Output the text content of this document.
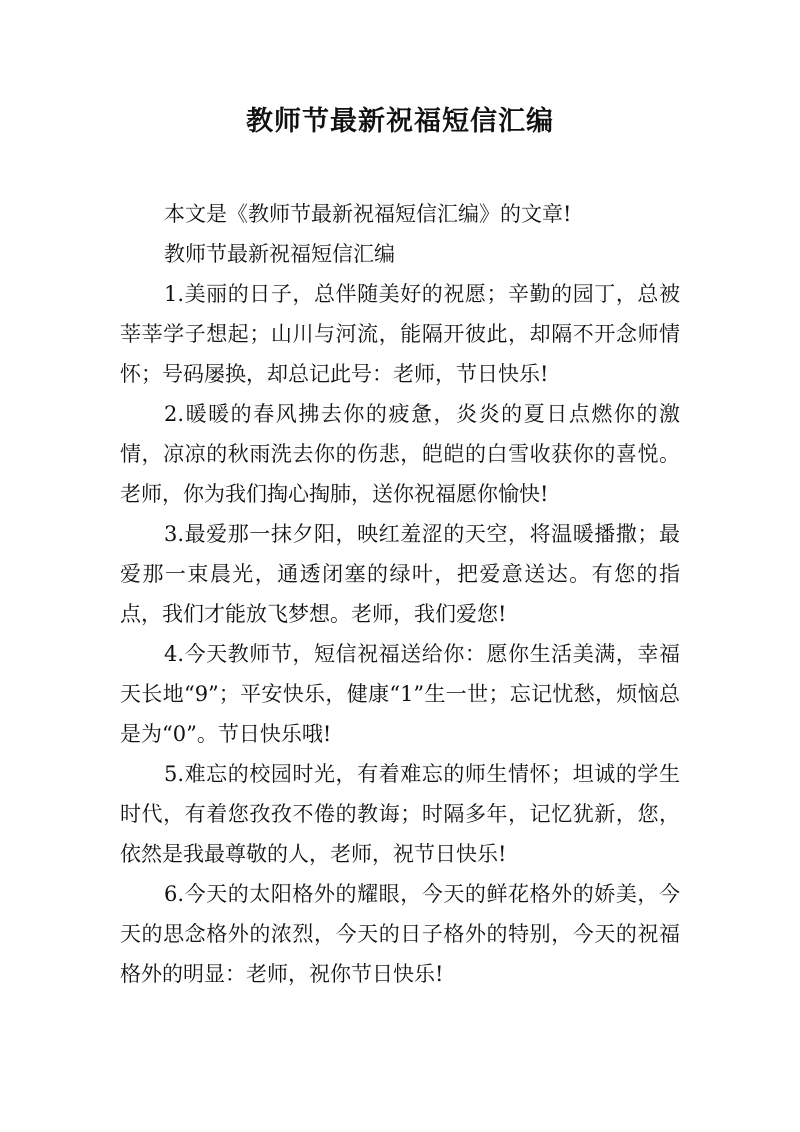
教师节最新祝福短信汇编

本文是《教师节最新祝福短信汇编》的文章!

教师节最新祝福短信汇编

1.美丽的日子，总伴随美好的祝愿；辛勤的园丁，总被莘莘学子想起；山川与河流，能隔开彼此，却隔不开念师情怀；号码屡换，却总记此号：老师，节日快乐!

2.暖暖的春风拂去你的疲惫，炎炎的夏日点燃你的激情，凉凉的秋雨洗去你的伤悲，皑皑的白雪收获你的喜悦。老师，你为我们掏心掏肺，送你祝福愿你愉快!

3.最爱那一抹夕阳，映红羞涩的天空，将温暖播撒；最爱那一束晨光，通透闭塞的绿叶，把爱意送达。有您的指点，我们才能放飞梦想。老师，我们爱您!

4.今天教师节，短信祝福送给你：愿你生活美满，幸福天长地“9”；平安快乐，健康“1”生一世；忘记忧愁，烦恼总是为“0”。节日快乐哦!

5.难忘的校园时光，有着难忘的师生情怀；坦诚的学生时代，有着您孜孜不倦的教诲；时隔多年，记忆犹新，您，依然是我最尊敬的人，老师，祝节日快乐!

6.今天的太阳格外的耀眼，今天的鲜花格外的娇美，今天的思念格外的浓烈，今天的日子格外的特别，今天的祝福格外的明显：老师，祝你节日快乐!
